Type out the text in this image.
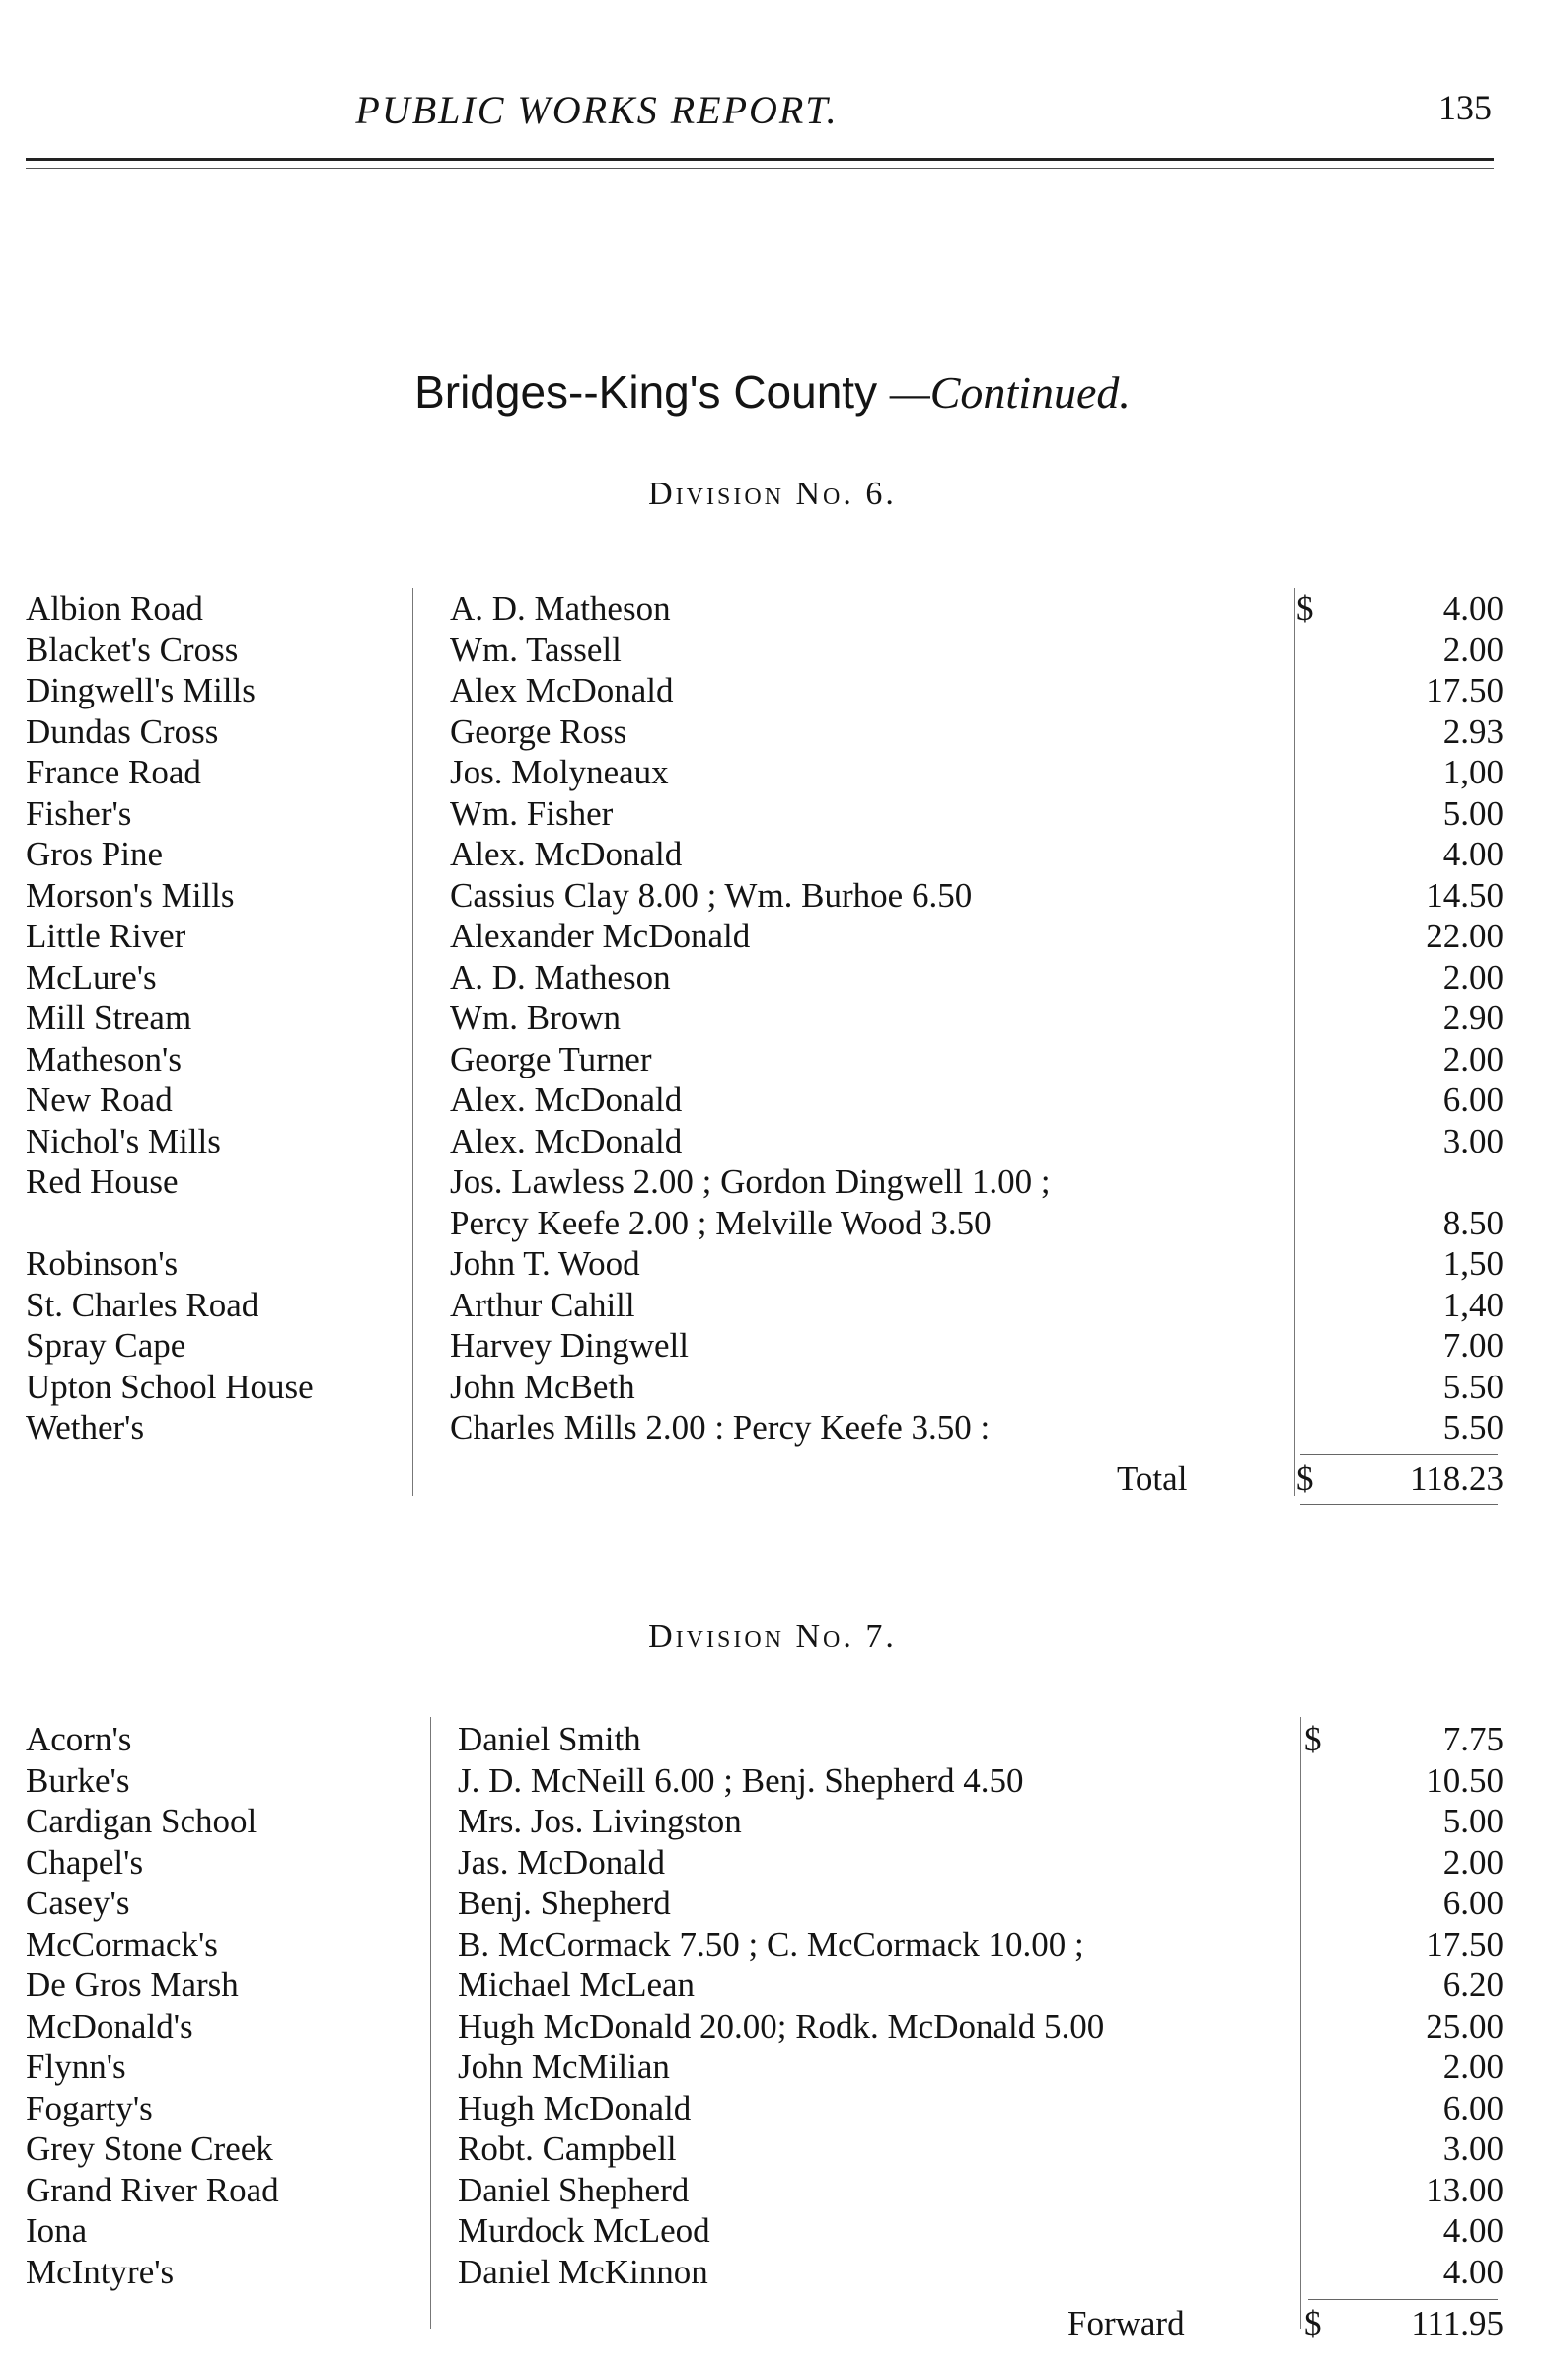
PUBLIC WORKS REPORT.	135
Bridges--King's County —Continued.
Division No. 6.
$
Albion Road	A. D. Matheson	4.00
Blacket's Cross	Wm. Tassell	2.00
Dingwell's Mills	Alex McDonald	17.50
Dundas Cross	George Ross	2.93
France Road	Jos. Molyneaux	1,00
Fisher's	Wm. Fisher	5.00
Gros Pine	Alex. McDonald	4.00
Morson's Mills	Cassius Clay 8.00 ; Wm. Burhoe 6.50	14.50
Little River	Alexander McDonald	22.00
McLure's	A. D. Matheson	2.00
Mill Stream	Wm. Brown	2.90
Matheson's	George Turner	2.00
New Road	Alex. McDonald	6.00
Nichol's Mills	Alex. McDonald	3.00
Red House	Jos. Lawless 2.00 ; Gordon Dingwell 1.00 ;
Percy Keefe 2.00 ; Melville Wood 3.50	8.50
Robinson's	John T. Wood	1,50
St. Charles Road	Arthur Cahill	1,40
Spray Cape	Harvey Dingwell	7.00
Upton School House	John McBeth	5.50
Wether's	Charles Mills 2.00 : Percy Keefe 3.50 :	5.50
Total	$	118.23
Division No. 7.
$
Acorn's	Daniel Smith	7.75
Burke's	J. D. McNeill 6.00 ; Benj. Shepherd 4.50	10.50
Cardigan School	Mrs. Jos. Livingston	5.00
Chapel's	Jas. McDonald	2.00
Casey's	Benj. Shepherd	6.00
McCormack's	B. McCormack 7.50 ; C. McCormack 10.00 ;	17.50
De Gros Marsh	Michael McLean	6.20
McDonald's	Hugh McDonald 20.00; Rodk. McDonald 5.00	25.00
Flynn's	John McMilian	2.00
Fogarty's	Hugh McDonald	6.00
Grey Stone Creek	Robt. Campbell	3.00
Grand River Road	Daniel Shepherd	13.00
Iona	Murdock McLeod	4.00
McIntyre's	Daniel McKinnon	4.00
Forward	$	111.95
